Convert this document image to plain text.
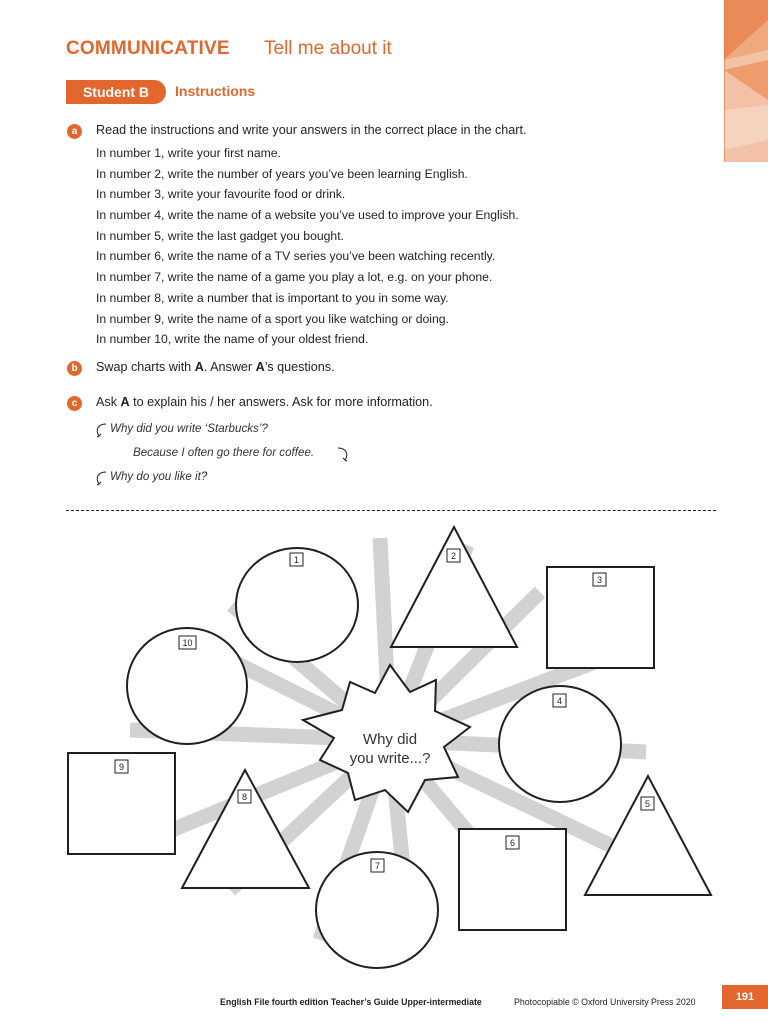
COMMUNICATIVE Tell me about it
Student B	Instructions
a	Read the instructions and write your answers in the correct place in the chart.
In number 1, write your first name.
In number 2, write the number of years you’ve been learning English.
In number 3, write your favourite food or drink.
In number 4, write the name of a website you’ve used to improve your English.
In number 5, write the last gadget you bought.
In number 6, write the name of a TV series you’ve been watching recently.
In number 7, write the name of a game you play a lot, e.g. on your phone.
In number 8, write a number that is important to you in some way.
In number 9, write the name of a sport you like watching or doing.
In number 10, write the name of your oldest friend.
b	Swap charts with A. Answer A’s questions.
c	Ask A to explain his / her answers. Ask for more information.
Why did you write ‘Starbucks’?
Because I often go there for coffee.
Why do you like it?
1	2
3
10
4
9
8
5
6
7
Why did
you write...?
English File fourth edition Teacher’s Guide Upper-intermediate	Photocopiable © Oxford University Press 2020	191
